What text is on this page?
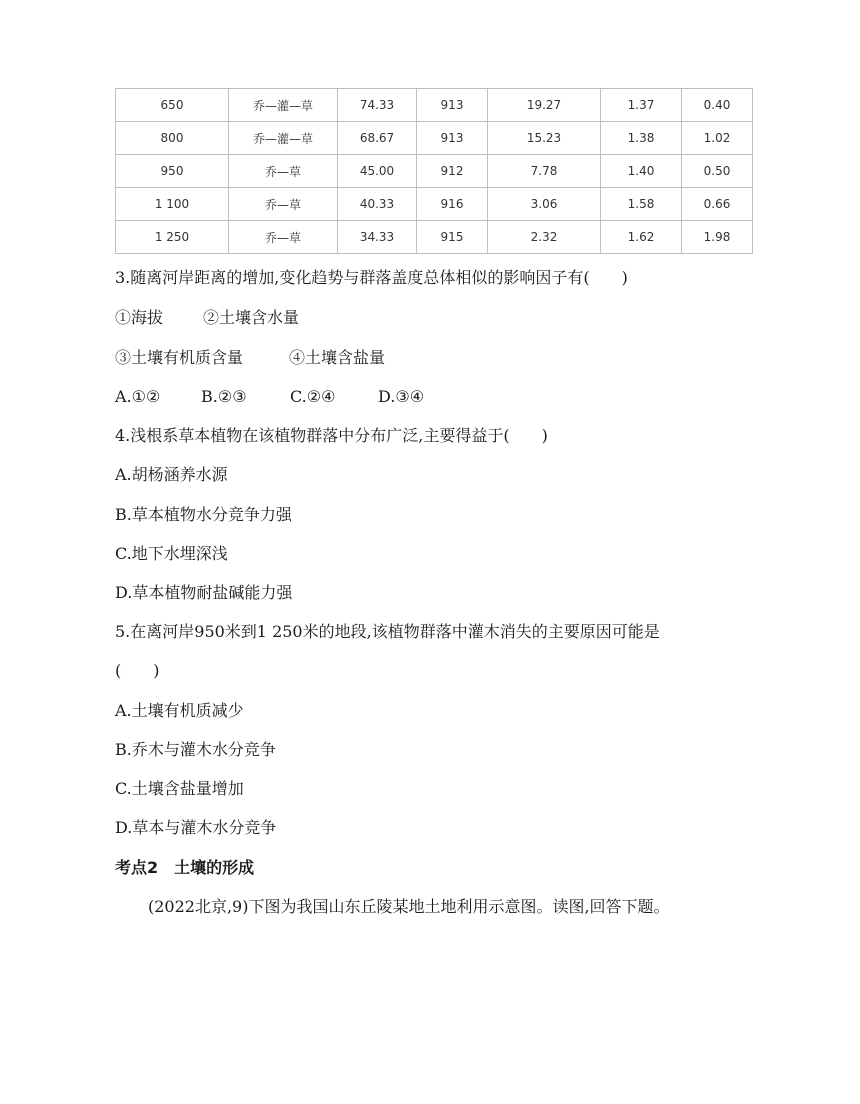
650	乔—灌—草	74.33	913	19.27	1.37	0.40
800	乔—灌—草	68.67	913	15.23	1.38	1.02
950	乔—草	45.00	912	7.78	1.40	0.50
1 100	乔—草	40.33	916	3.06	1.58	0.66
1 250	乔—草	34.33	915	2.32	1.62	1.98
3.随离河岸距离的增加,变化趋势与群落盖度总体相似的影响因子有(　　)
①海拔 ②土壤含水量
③土壤有机质含量	④土壤含盐量
A.①②	B.②③	C.②④	D.③④
4.浅根系草本植物在该植物群落中分布广泛,主要得益于(　　)
A.胡杨涵养水源
B.草本植物水分竞争力强
C.地下水埋深浅
D.草本植物耐盐碱能力强
5.在离河岸950米到1 250米的地段,该植物群落中灌木消失的主要原因可能是
(　　)
A.土壤有机质减少
B.乔木与灌木水分竞争
C.土壤含盐量增加
D.草本与灌木水分竞争
考点2　土壤的形成
(2022北京,9)下图为我国山东丘陵某地土地利用示意图。读图,回答下题。
